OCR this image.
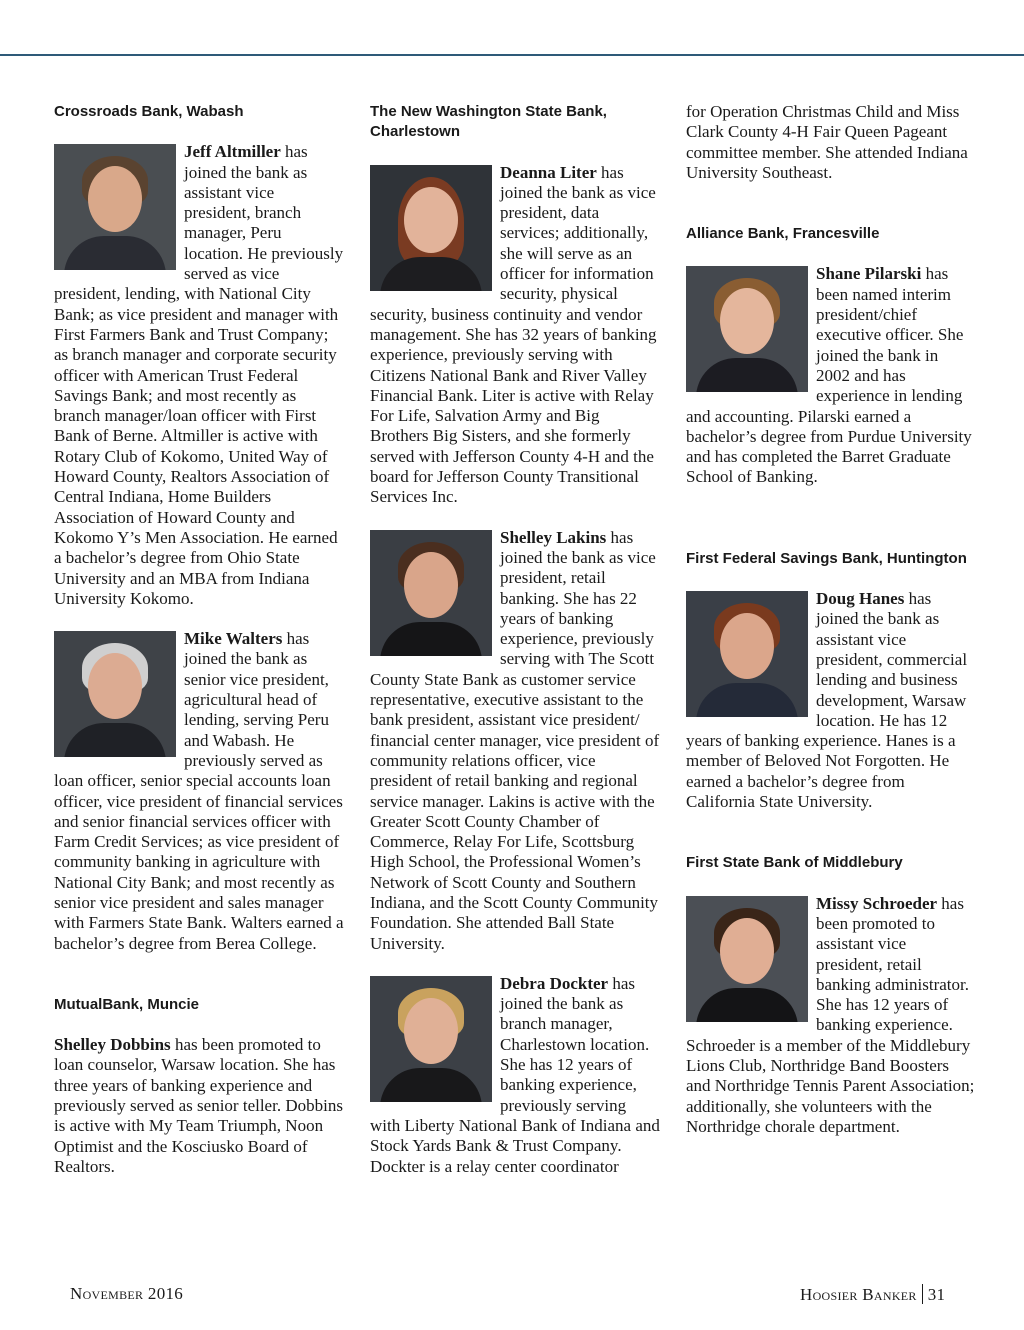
Crossroads Bank, Wabash

Jeff Altmiller has joined the bank as assistant vice president, branch manager, Peru location. He previously served as vice president, lending, with National City Bank; as vice president and manager with First Farmers Bank and Trust Company; as branch manager and corporate security officer with American Trust Federal Savings Bank; and most recently as branch manager/loan officer with First Bank of Berne. Altmiller is active with Rotary Club of Kokomo, United Way of Howard County, Realtors Association of Central Indiana, Home Builders Association of Howard County and Kokomo Y’s Men Association. He earned a bachelor’s degree from Ohio State University and an MBA from Indiana University Kokomo.

Mike Walters has joined the bank as senior vice president, agricultural head of lending, serving Peru and Wabash. He previously served as loan officer, senior special accounts loan officer, vice president of financial services and senior financial services officer with Farm Credit Services; as vice president of community banking in agriculture with National City Bank; and most recently as senior vice president and sales manager with Farmers State Bank. Walters earned a bachelor’s degree from Berea College.

MutualBank, Muncie

Shelley Dobbins has been promoted to loan counselor, Warsaw location. She has three years of banking experience and previously served as senior teller. Dobbins is active with My Team Triumph, Noon Optimist and the Kosciusko Board of Realtors.

The New Washington State Bank, Charlestown

Deanna Liter has joined the bank as vice president, data services; additionally, she will serve as an officer for information security, physical security, business continuity and vendor management. She has 32 years of banking experience, previously serving with Citizens National Bank and River Valley Financial Bank. Liter is active with Relay For Life, Salvation Army and Big Brothers Big Sisters, and she formerly served with Jefferson County 4-H and the board for Jefferson County Transitional Services Inc.

Shelley Lakins has joined the bank as vice president, retail banking. She has 22 years of banking experience, previously serving with The Scott County State Bank as customer service representative, executive assistant to the bank president, assistant vice president/ financial center manager, vice president of community relations officer, vice president of retail banking and regional service manager. Lakins is active with the Greater Scott County Chamber of Commerce, Relay For Life, Scottsburg High School, the Professional Women’s Network of Scott County and Southern Indiana, and the Scott County Community Foundation. She attended Ball State University.

Debra Dockter has joined the bank as branch manager, Charlestown location. She has 12 years of banking experience, previously serving with Liberty National Bank of Indiana and Stock Yards Bank & Trust Company. Dockter is a relay center coordinator

for Operation Christmas Child and Miss Clark County 4-H Fair Queen Pageant committee member. She attended Indiana University Southeast.

Alliance Bank, Francesville

Shane Pilarski has been named interim president/chief executive officer. She joined the bank in 2002 and has experience in lending and accounting. Pilarski earned a bachelor’s degree from Purdue University and has completed the Barret Graduate School of Banking.

First Federal Savings Bank, Huntington

Doug Hanes has joined the bank as assistant vice president, commercial lending and business development, Warsaw location. He has 12 years of banking experience. Hanes is a member of Beloved Not Forgotten. He earned a bachelor’s degree from California State University.

First State Bank of Middlebury

Missy Schroeder has been promoted to assistant vice president, retail banking administrator. She has 12 years of banking experience. Schroeder is a member of the Middlebury Lions Club, Northridge Band Boosters and Northridge Tennis Parent Association; additionally, she volunteers with the Northridge chorale department.

November 2016	Hoosier Banker 31
